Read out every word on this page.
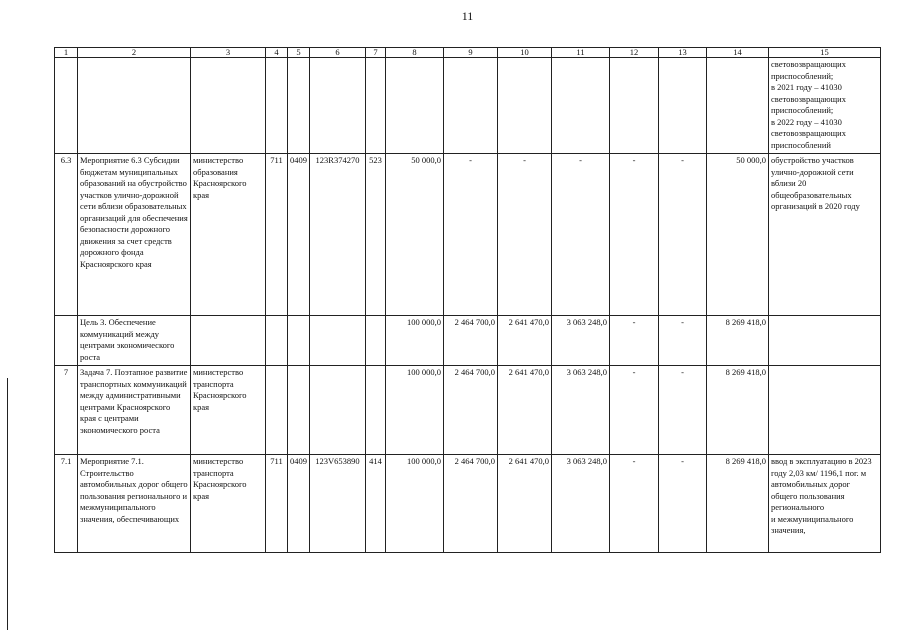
11
1	2	3	4	5	6	7	8	9	10	11	12	13	14	15
														световозвращающих приспособлений;
в 2021 году – 41030 световозвращающих приспособлений;
в 2022 году – 41030 световозвращающих приспособлений
6.3	Мероприятие 6.3 Субсидии бюджетам муниципальных образований на обустройство участков улично-дорожной сети вблизи образовательных организаций для обеспечения безопасности дорожного движения за счет средств дорожного фонда Красноярского края	министерство образования Красноярского края	711	0409	123R374270	523	50 000,0	-	-	-	-	-	50 000,0	обустройство участков улично-дорожной сети вблизи 20 общеобразовательных организаций в 2020 году
	Цель 3. Обеспечение коммуникаций между центрами экономического роста						100 000,0	2 464 700,0	2 641 470,0	3 063 248,0	-	-	8 269 418,0	
7	Задача 7. Поэтапное развитие транспортных коммуникаций между административными центрами Красноярского края с центрами экономического роста	министерство транспорта Красноярского края					100 000,0	2 464 700,0	2 641 470,0	3 063 248,0	-	-	8 269 418,0	
7.1	Мероприятие 7.1. Строительство автомобильных дорог общего пользования регионального и межмуниципального значения, обеспечивающих	министерство транспорта Красноярского края	711	0409	123V653890	414	100 000,0	2 464 700,0	2 641 470,0	3 063 248,0	-	-	8 269 418,0	ввод в эксплуатацию в 2023 году 2,03 км/ 1196,1 пог. м автомобильных дорог общего пользования регионального
и межмуниципального значения,
